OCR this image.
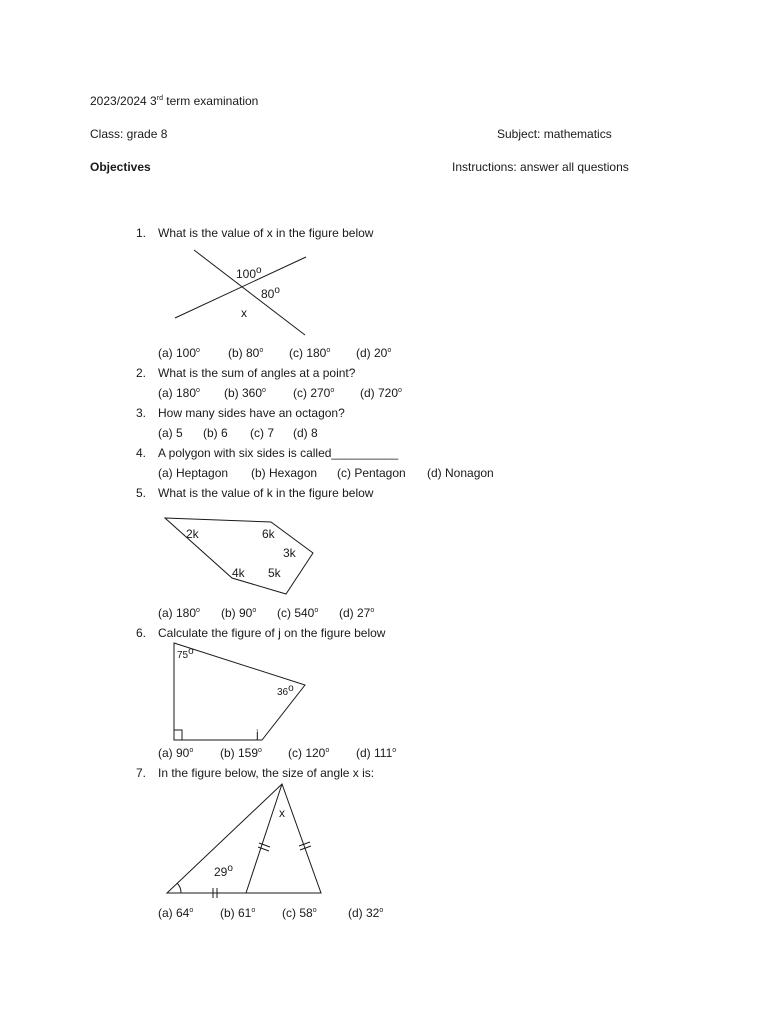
2023/2024 3rd term examination
Class: grade 8	Subject: mathematics
Objectives	Instructions: answer all questions
1. What is the value of x in the figure below
100$^o$
80$^o$
x
(a) 100$^o$ (b) 80$^o$ (c) 180$^o$ (d) 20$^o$
2. What is the sum of angles at a point?
(a) 180$^o$ (b) 360$^o$ (c) 270$^o$ (d) 720$^o$
3. How many sides have an octagon?
(a) 5 (b) 6 (c) 7 (d) 8
4. A polygon with six sides is called__________
(a) Heptagon (b) Hexagon (c) Pentagon (d) Nonagon
5. What is the value of k in the figure below
2k	6k
3k
4k 5k
(a) 180$^o$ (b) 90$^o$ (c) 540$^o$ (d) 27$^o$
6. Calculate the figure of j on the figure below
75o
36o
j
(a) 90$^o$ (b) 159$^o$ (c) 120$^o$ (d) 111$^o$
7. In the figure below, the size of angle x is:
x
29$^o$
(a) 64$^o$ (b) 61$^o$ (c) 58$^o$	(d) 32$^o$
